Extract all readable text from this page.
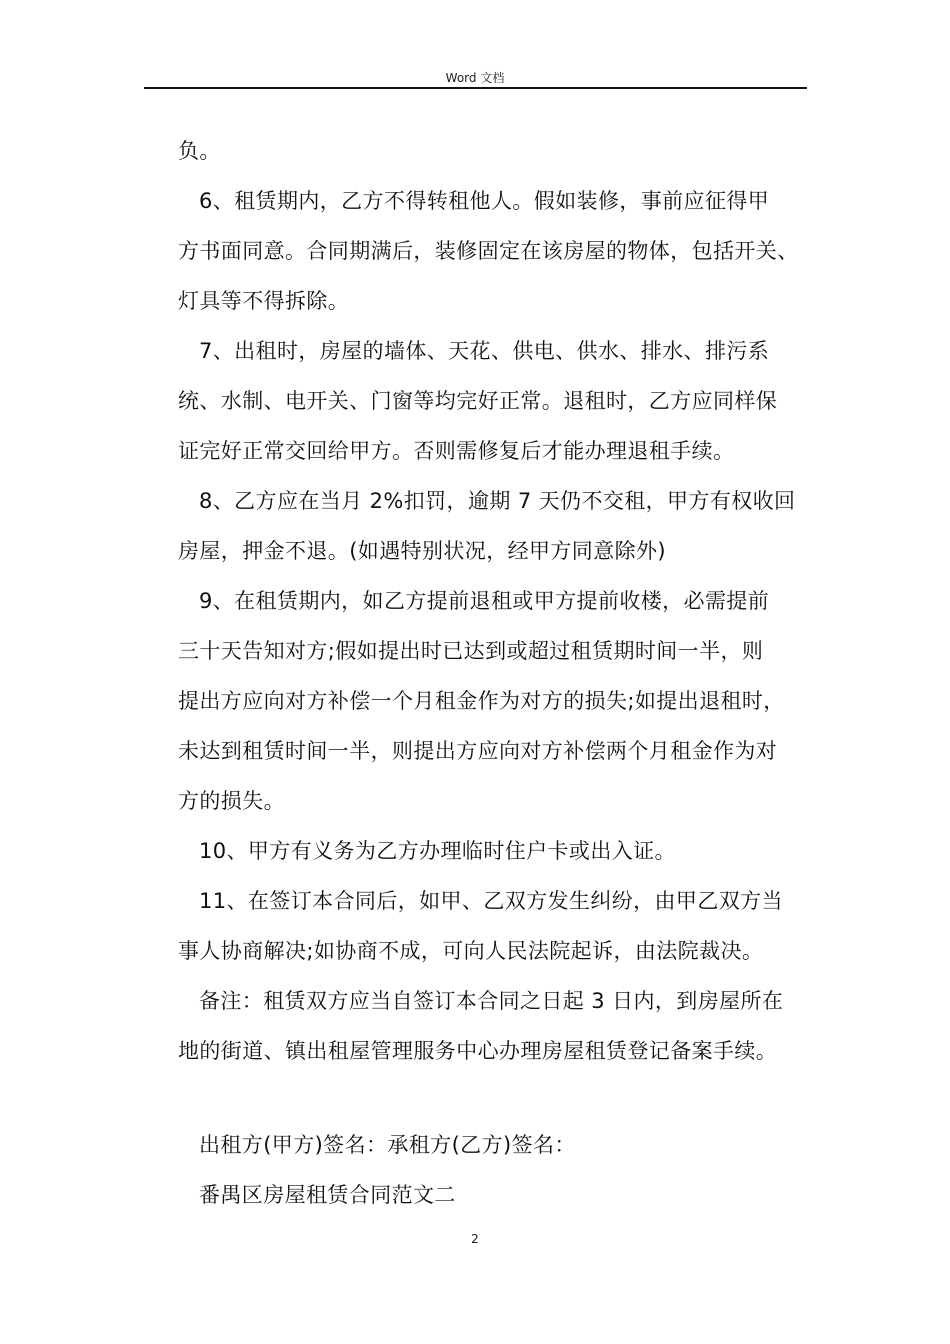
Word 文档
负。
6、租赁期内，乙方不得转租他人。假如装修，事前应征得甲
方书面同意。合同期满后，装修固定在该房屋的物体，包括开关、
灯具等不得拆除。
7、出租时，房屋的墙体、天花、供电、供水、排水、排污系
统、水制、电开关、门窗等均完好正常。退租时，乙方应同样保
证完好正常交回给甲方。否则需修复后才能办理退租手续。
8、乙方应在当月 2%扣罚，逾期 7 天仍不交租，甲方有权收回
房屋，押金不退。(如遇特别状况，经甲方同意除外)
9、在租赁期内，如乙方提前退租或甲方提前收楼，必需提前
三十天告知对方;假如提出时已达到或超过租赁期时间一半，则
提出方应向对方补偿一个月租金作为对方的损失;如提出退租时，
未达到租赁时间一半，则提出方应向对方补偿两个月租金作为对
方的损失。
10、甲方有义务为乙方办理临时住户卡或出入证。
11、在签订本合同后，如甲、乙双方发生纠纷，由甲乙双方当
事人协商解决;如协商不成，可向人民法院起诉，由法院裁决。
备注：租赁双方应当自签订本合同之日起 3 日内，到房屋所在
地的街道、镇出租屋管理服务中心办理房屋租赁登记备案手续。
出租方(甲方)签名：承租方(乙方)签名：
番禺区房屋租赁合同范文二
2
